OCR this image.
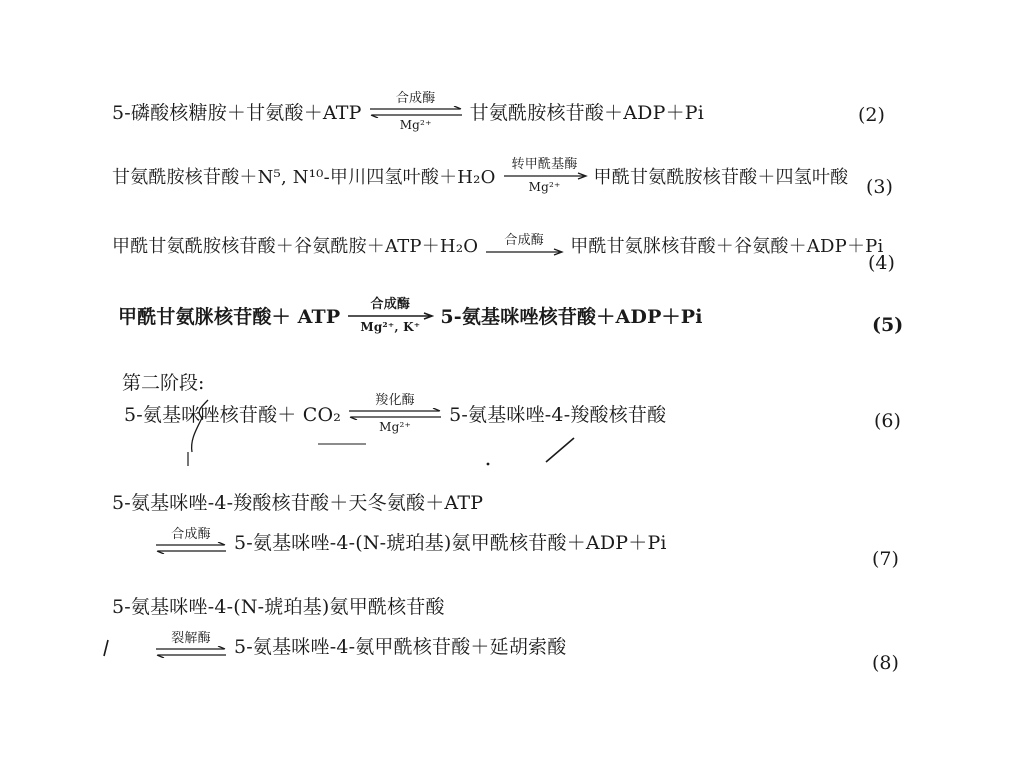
5-磷酸核糖胺＋甘氨酸＋ATP
合成酶
Mg²⁺
甘氨酰胺核苷酸＋ADP＋Pi	(2)
甘氨酰胺核苷酸＋N⁵, N¹⁰-甲川四氢叶酸＋H₂O
转甲酰基酶
Mg²⁺ 甲酰甘氨酰胺核苷酸＋四氢叶酸 (3)
甲酰甘氨酰胺核苷酸＋谷氨酰胺＋ATP＋H₂O 合成酶 甲酰甘氨脒核苷酸＋谷氨酸＋ADP＋Pi
(4)
甲酰甘氨脒核苷酸＋ ATP
合成酶
Mg²⁺, K⁺ 5-氨基咪唑核苷酸＋ADP＋Pi	(5)
第二阶段:
5-氨基咪唑核苷酸＋ CO₂
羧化酶
Mg²⁺
5-氨基咪唑-4-羧酸核苷酸	(6)
5-氨基咪唑-4-羧酸核苷酸＋天冬氨酸＋ATP
合成酶 5-氨基咪唑-4-(N-琥珀基)氨甲酰核苷酸＋ADP＋Pi
(7)
5-氨基咪唑-4-(N-琥珀基)氨甲酰核苷酸
裂解酶 5-氨基咪唑-4-氨甲酰核苷酸＋延胡索酸
(8)
